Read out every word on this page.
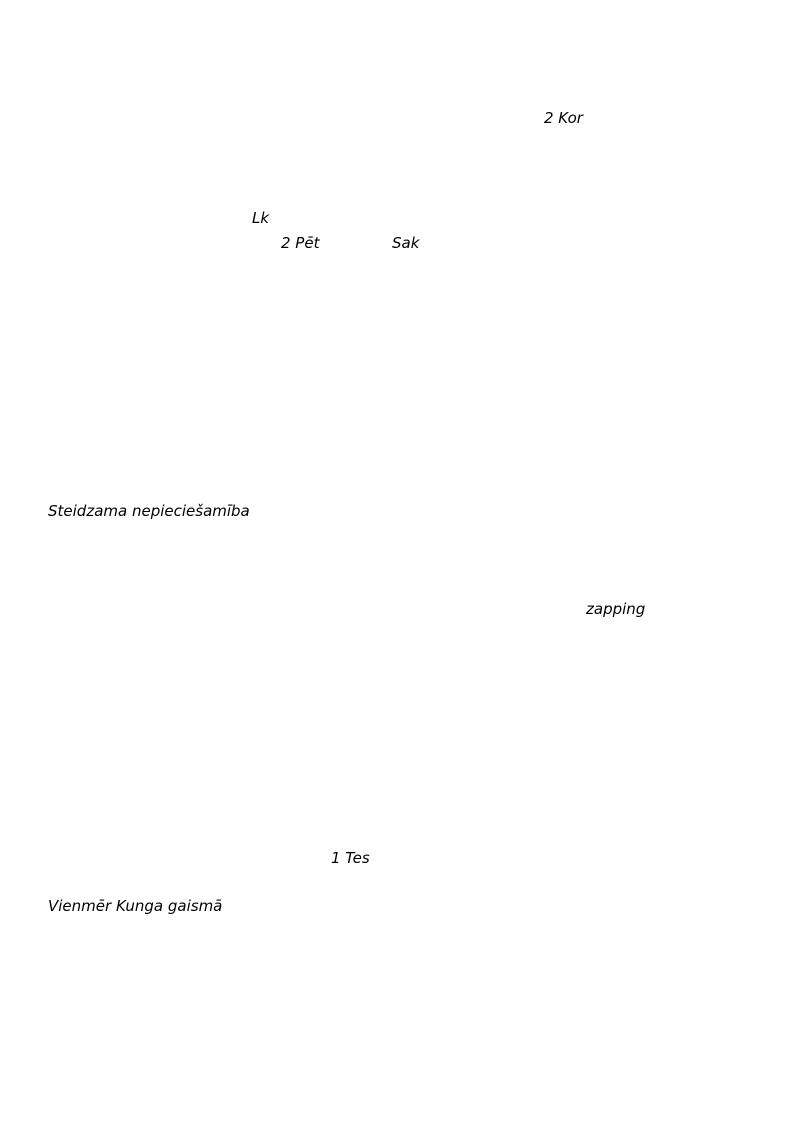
2 Kor
Lk
2 Pēt	Sak
Steidzama nepieciešamība
zapping
1 Tes
Vienmēr Kunga gaismā
